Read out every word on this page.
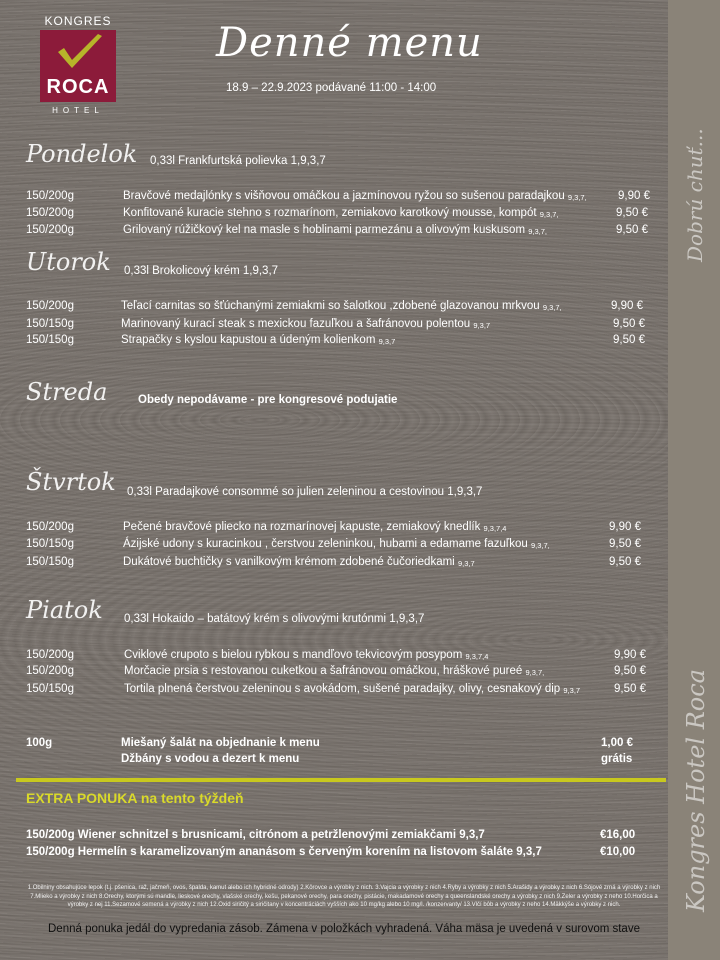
Dobrú chuť...
Kongres Hotel Roca
KONGRES
ROCA
HOTEL
Denné menu
18.9 – 22.9.2023 podávané 11:00 - 14:00
Pondelok 0,33l Frankfurtská polievka 1,9,3,7
150/200g	Bravčové medajlónky s višňovou omáčkou a jazmínovou ryžou so sušenou paradajkou $_{9,3,7,}$	9,90 €
150/200g	Konfitované kuracie stehno s rozmarínom, zemiakovo karotkový mousse, kompót $_{9,3,7,}$	9,50 €
150/200g	Grilovaný rúžičkový kel na masle s hoblinami parmezánu a olivovým kuskusom $_{9,3,7,}$	9,50 €
Utorok 0,33l Brokolicový krém 1,9,3,7
150/200g	Teľací carnitas so šťúchanými zemiakmi so šalotkou ,zdobené glazovanou mrkvou $_{9,3,7,}$	9,90 €
150/150g	Marinovaný kurací steak s mexickou fazuľkou a šafránovou polentou $_{9,3,7}$	9,50 €
150/150g	Strapačky s kyslou kapustou a údeným kolienkom $_{9,3,7}$	9,50 €
Streda	Obedy nepodávame - pre kongresové podujatie
Štvrtok 0,33l Paradajkové consommé so julien zeleninou a cestovinou 1,9,3,7
150/200g	Pečené bravčové pliecko na rozmarínovej kapuste, zemiakový knedlík $_{9,3,7,4}$	9,90 €
150/150g	Ázijské udony s kuracinkou , čerstvou zeleninkou, hubami a edamame fazuľkou $_{9,3,7,}$	9,50 €
150/150g	Dukátové buchtičky s vanilkovým krémom zdobené čučoriedkami $_{9,3,7}$	9,50 €
Piatok 0,33l Hokaido – batátový krém s olivovými krutónmi 1,9,3,7
150/200g	Cviklové crupoto s bielou rybkou s mandľovo tekvicovým posypom $_{9,3,7,4}$	9,90 €
150/200g	Morčacie prsia s restovanou cuketkou a šafránovou omáčkou, hráškové pureé $_{9,3,7,}$	9,50 €
150/150g	Tortila plnená čerstvou zeleninou s avokádom, sušené paradajky, olivy, cesnakový dip $_{9,3,7}$	9,50 €
100g	Miešaný šalát na objednanie k menu	1,00 €
Džbány s vodou a dezert k menu	grátis
EXTRA PONUKA na tento týždeň
150/200g Wiener schnitzel s brusnicami, citrónom a petržlenovými zemiakčami 9,3,7	€16,00
150/200g Hermelín s karamelizovaným ananásom s červeným korením na listovom šaláte 9,3,7	€10,00
1.Obilniny obsahujúce lepok (t.j. pšenica, raž, jačmeň, ovos, špalda, kamut alebo ich hybridné odrody) 2.Kôrovce a výrobky z nich. 3.Vajcia a výrobky z nich 4.Ryby a výrobky z nich 5.Arašidy a výrobky z nich 6.Sójové zrná a výrobky z nich 7.Mlieko a výrobky z nich 8.Orechy, ktorými sú mandle, lieskové orechy, vlašské orechy, kešu, pekanové orechy, para orechy, pistácie, makadamové orechy a queenslandské orechy a výrobky z nich 9.Zeler a výrobky z neho 10.Horčica a výrobky z nej 11.Sezamové semená a výrobky z nich 12.Oxid siričitý a siričitany v koncentráciách vyšších ako 10 mg/kg alebo 10 mg/l. /konzervanty/ 13.Vlčí bôb a výrobky z neho 14.Mäkkýše a výrobky z nich.
Denná ponuka jedál do vypredania zásob. Zámena v položkách vyhradená. Váha mäsa je uvedená v surovom stave
